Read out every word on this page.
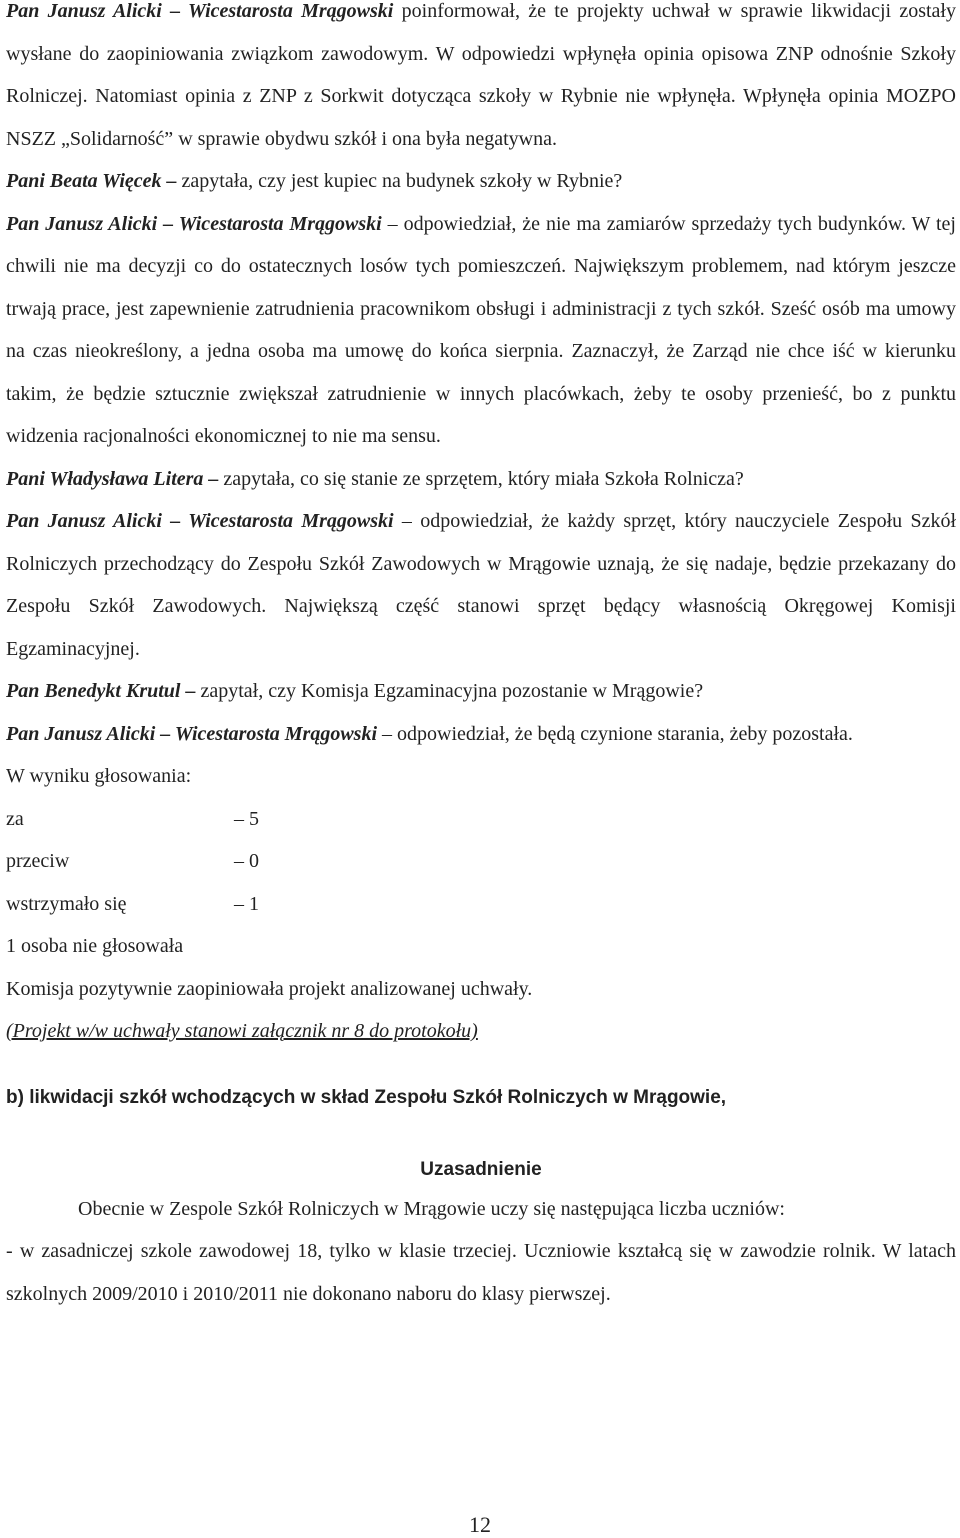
Pan Janusz Alicki – Wicestarosta Mrągowski poinformował, że te projekty uchwał w sprawie likwidacji zostały wysłane do zaopiniowania związkom zawodowym. W odpowiedzi wpłynęła opinia opisowa ZNP odnośnie Szkoły Rolniczej. Natomiast opinia z ZNP z Sorkwit dotycząca szkoły w Rybnie nie wpłynęła. Wpłynęła opinia MOZPO NSZZ „Solidarność” w sprawie obydwu szkół i ona była negatywna.

Pani Beata Więcek – zapytała, czy jest kupiec na budynek szkoły w Rybnie?

Pan Janusz Alicki – Wicestarosta Mrągowski – odpowiedział, że nie ma zamiarów sprzedaży tych budynków. W tej chwili nie ma decyzji co do ostatecznych losów tych pomieszczeń. Największym problemem, nad którym jeszcze trwają prace, jest zapewnienie zatrudnienia pracownikom obsługi i administracji z tych szkół. Sześć osób ma umowy na czas nieokreślony, a jedna osoba ma umowę do końca sierpnia. Zaznaczył, że Zarząd nie chce iść w kierunku takim, że będzie sztucznie zwiększał zatrudnienie w innych placówkach, żeby te osoby przenieść, bo z punktu widzenia racjonalności ekonomicznej to nie ma sensu.

Pani Władysława Litera – zapytała, co się stanie ze sprzętem, który miała Szkoła Rolnicza?

Pan Janusz Alicki – Wicestarosta Mrągowski – odpowiedział, że każdy sprzęt, który nauczyciele Zespołu Szkół Rolniczych przechodzący do Zespołu Szkół Zawodowych w Mrągowie uznają, że się nadaje, będzie przekazany do Zespołu Szkół Zawodowych. Największą część stanowi sprzęt będący własnością Okręgowej Komisji Egzaminacyjnej.

Pan Benedykt Krutul – zapytał, czy Komisja Egzaminacyjna pozostanie w Mrągowie?

Pan Janusz Alicki – Wicestarosta Mrągowski – odpowiedział, że będą czynione starania, żeby pozostała.

W wyniku głosowania:

za	– 5
przeciw	– 0
wstrzymało się	– 1

1 osoba nie głosowała

Komisja pozytywnie zaopiniowała projekt analizowanej uchwały.

(Projekt w/w uchwały stanowi załącznik nr 8 do protokołu)

b) likwidacji szkół wchodzących w skład Zespołu Szkół Rolniczych w Mrągowie,
Uzasadnienie

Obecnie w Zespole Szkół Rolniczych w Mrągowie uczy się następująca liczba uczniów:

- w zasadniczej szkole zawodowej 18, tylko w klasie trzeciej. Uczniowie kształcą się w zawodzie rolnik. W latach szkolnych 2009/2010 i 2010/2011 nie dokonano naboru do klasy pierwszej.

12
